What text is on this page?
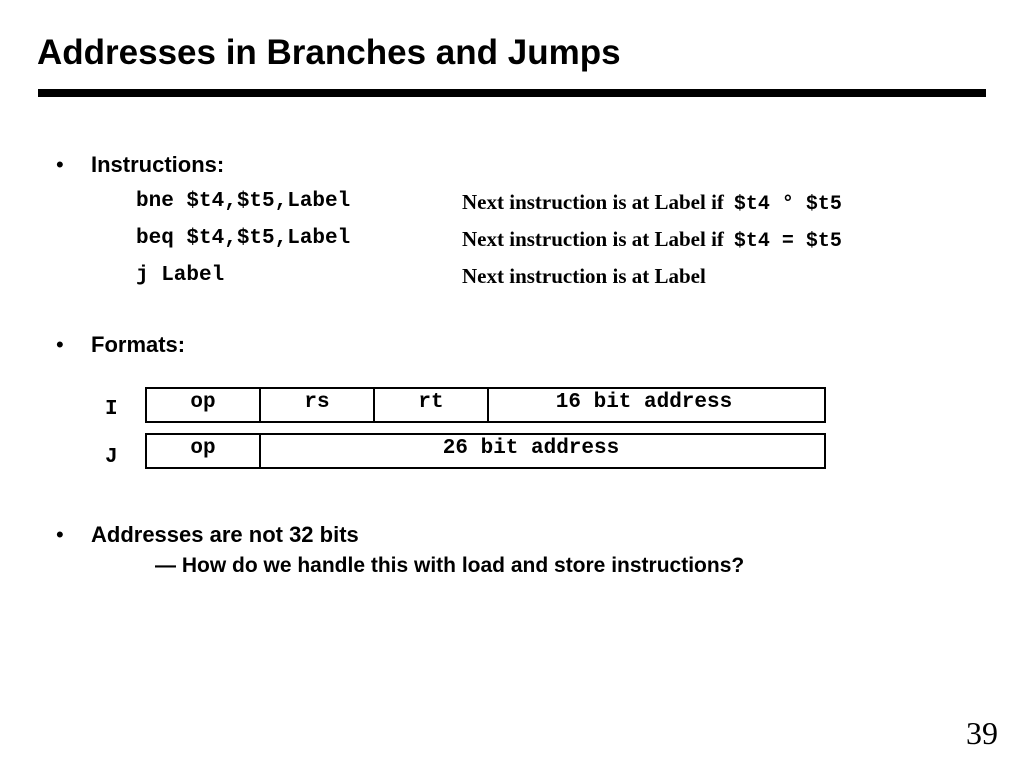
Addresses in Branches and Jumps
• Instructions:
bne $t4,$t5,Label	Next instruction is at Label if $t4 ° $t5
beq $t4,$t5,Label	Next instruction is at Label if $t4 = $t5
j Label	Next instruction is at Label
• Formats:
I	op	rs	rt	16 bit address
J	op	26 bit address
• Addresses are not 32 bits
— How do we handle this with load and store instructions?
39
